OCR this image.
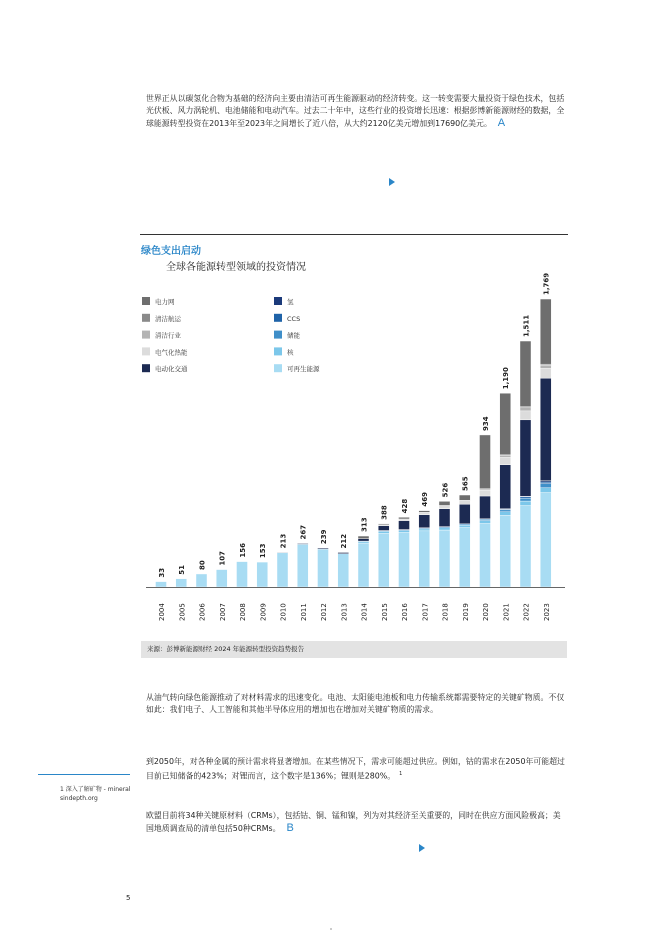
世界正从以碳氢化合物为基础的经济向主要由清洁可再生能源驱动的经济转变。这一转变需要大量投资于绿色技术，包括光伏板、风力涡轮机、电池储能和电动汽车。过去二十年中，这些行业的投资增长迅速：根据彭博新能源财经的数据，全球能源转型投资在2013年至2023年之间增长了近八倍，从大约2120亿美元增加到17690亿美元。 A
绿色支出启动
全球各能源转型领域的投资情况
电力网	氢
清洁航运	CCS
清洁行业	储能
电气化热能	核
电动化交通	可再生能源
33
2004
51
2005
80
2006
107
2007
156
2008
153
2009
213
2010
267
2011
239
2012
212
2013
313
2014
388
2015
428
2016
469
2017
526
2018
565
2019
934
2020
1,190
2021
1,511
2022
1,769
2023
来源：彭博新能源财经 2024 年能源转型投资趋势报告
从油气转向绿色能源推动了对材料需求的迅速变化。电池、太阳能电池板和电力传输系统都需要特定的关键矿物质。不仅如此：我们电子、人工智能和其他半导体应用的增加也在增加对关键矿物质的需求。
到2050年，对各种金属的预计需求将显著增加。在某些情况下，需求可能超过供应。例如，钴的需求在2050年可能超过目前已知储备的423%；对锂而言，这个数字是136%；锂则是280%。 $^1$
1 深入了解矿物 - mineralsindepth.org
欧盟目前将34种关键原材料（CRMs），包括钴、铜、锰和镍，列为对其经济至关重要的，同时在供应方面风险极高；美国地质调查局的清单包括50种CRMs。 B
5
